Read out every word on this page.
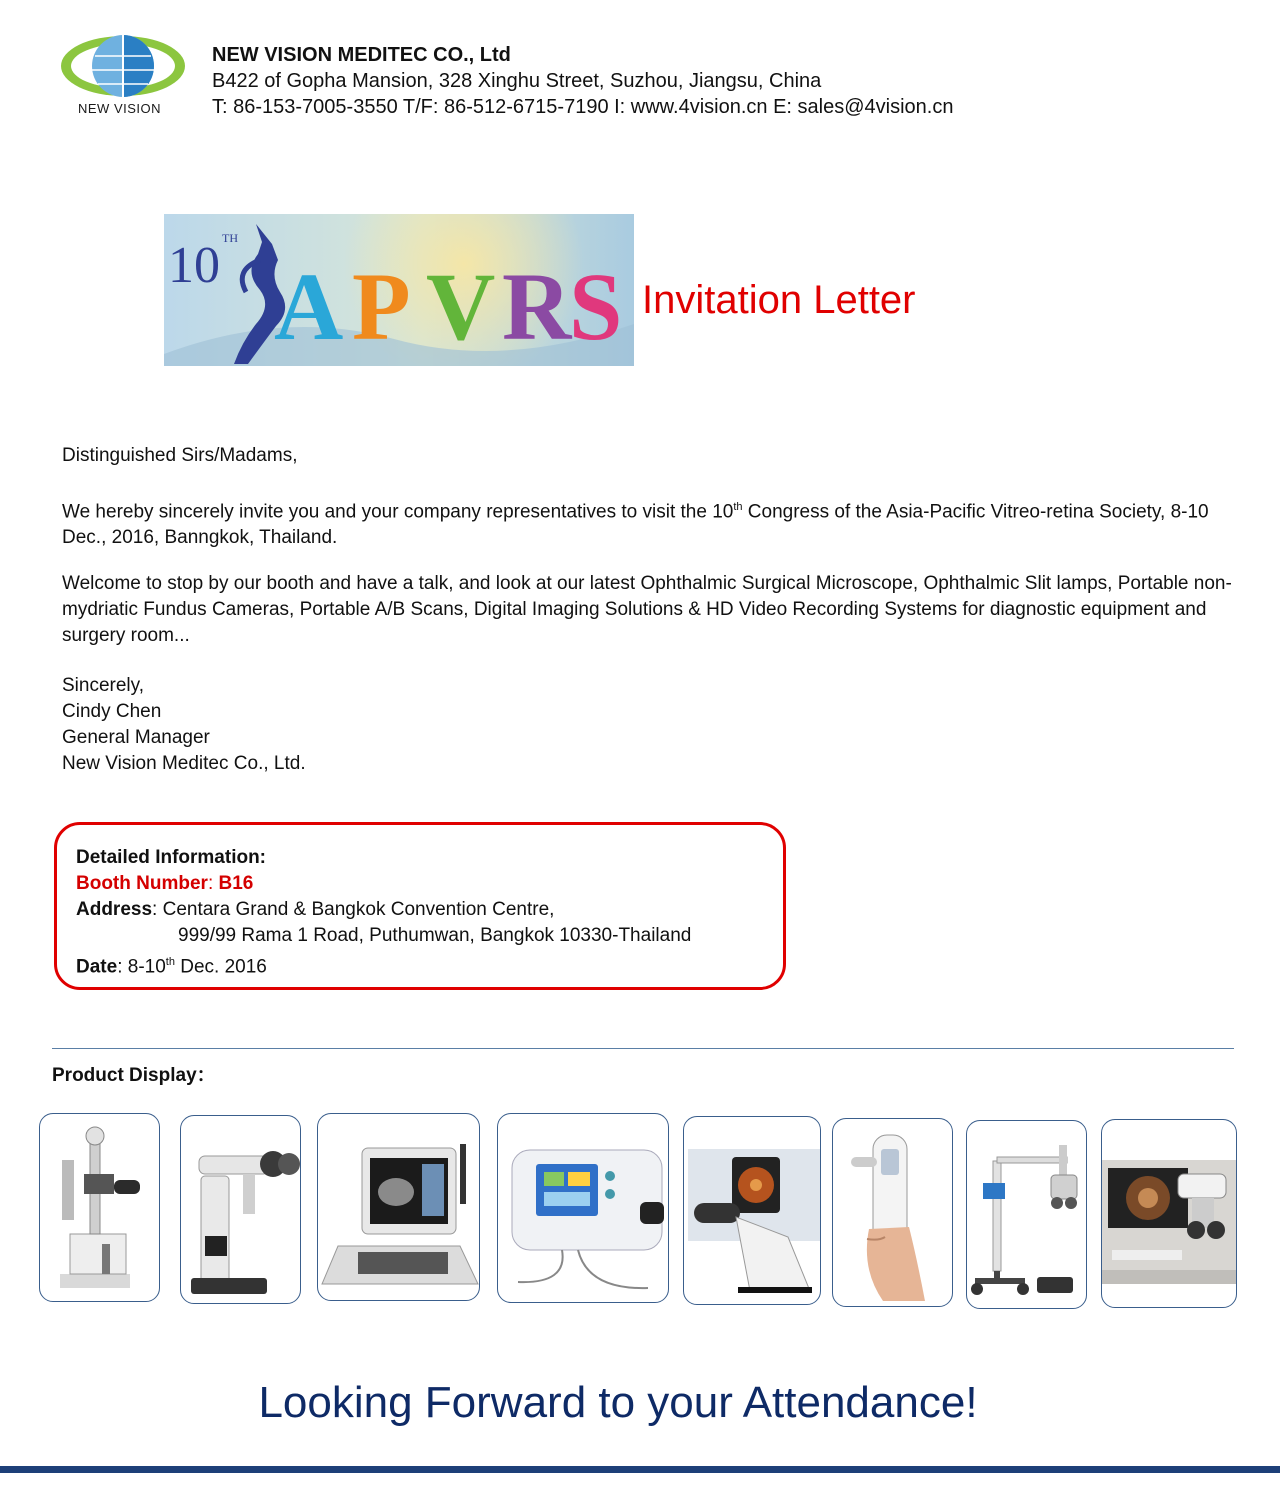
NEW VISION
NEW VISION MEDITEC CO., Ltd
B422 of Gopha Mansion, 328 Xinghu Street, Suzhou, Jiangsu, China
T: 86-153-7005-3550 T/F: 86-512-6715-7190 I: www.4vision.cn E: sales@4vision.cn
10 TH
A P V R
S Invitation Letter
Distinguished Sirs/Madams,
We hereby sincerely invite you and your company representatives to visit the 10th Congress of the Asia-Pacific Vitreo-retina Society, 8-10 Dec., 2016, Banngkok, Thailand.
Welcome to stop by our booth and have a talk, and look at our latest Ophthalmic Surgical Microscope, Ophthalmic Slit lamps, Portable non-mydriatic Fundus Cameras, Portable A/B Scans, Digital Imaging Solutions & HD Video Recording Systems for diagnostic equipment and surgery room...
Sincerely,
Cindy Chen
General Manager
New Vision Meditec Co., Ltd.
Detailed Information:
Booth Number: B16
Address: Centara Grand & Bangkok Convention Centre,
999/99 Rama 1 Road, Puthumwan, Bangkok 10330-Thailand
Date: 8-10th Dec. 2016
Product Display：
Looking Forward to your Attendance!
